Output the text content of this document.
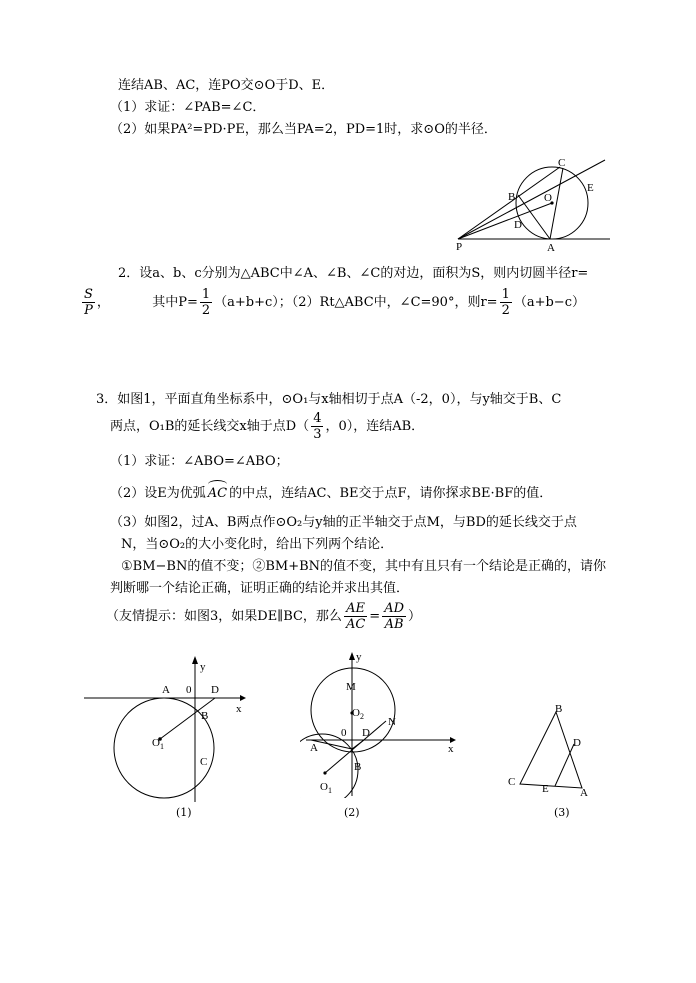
连结AB、AC，连PO交⊙O于D、E．
（1）求证：∠PAB=∠C．
（2）如果PA²=PD·PE，那么当PA=2，PD=1时，求⊙O的半径．
C
E
B	O
D
P	A
2．设a、b、c分别为△ABC中∠A、∠B、∠C的对边，面积为S，则内切圆半径r=
$\frac{S}{P}$ ，	其中$P= \frac{1}{2} (a+b+c)$；（2）Rt△ABC中，∠C=90°，则$r= \frac{1}{2} (a+b-c)$
3．如图1，平面直角坐标系中，⊙O₁与x轴相切于点A（-2，0），与y轴交于B、C
两点，O₁B的延长线交x轴于点$D( \frac{4}{3}$ ，0），连结AB．
（1）求证：∠ABO=∠ABO；
（2）设E为优弧 AC 的中点，连结AC、BE交于点F，请你探求BE·BF的值．
（3）如图2，过A、B两点作⊙O₂与y轴的正半轴交于点M，与BD的延长线交于点
N，当⊙O₂的大小变化时，给出下列两个结论．
①BM−BN的值不变；②BM+BN的值不变，其中有且只有一个结论是正确的，请你
判断哪一个结论正确，证明正确的结论并求出其值．
（友情提示：如图3，如果DE∥BC，那么 $\frac{AE}{AC} = \frac{AD}{AB}$ ）
y
x
A 0 D
B
$O_1$
C
(1)
y
x
M
$O_2$ N
A
0 D
B
$O_1$
(2)
B
D
C
E	A
(3)
